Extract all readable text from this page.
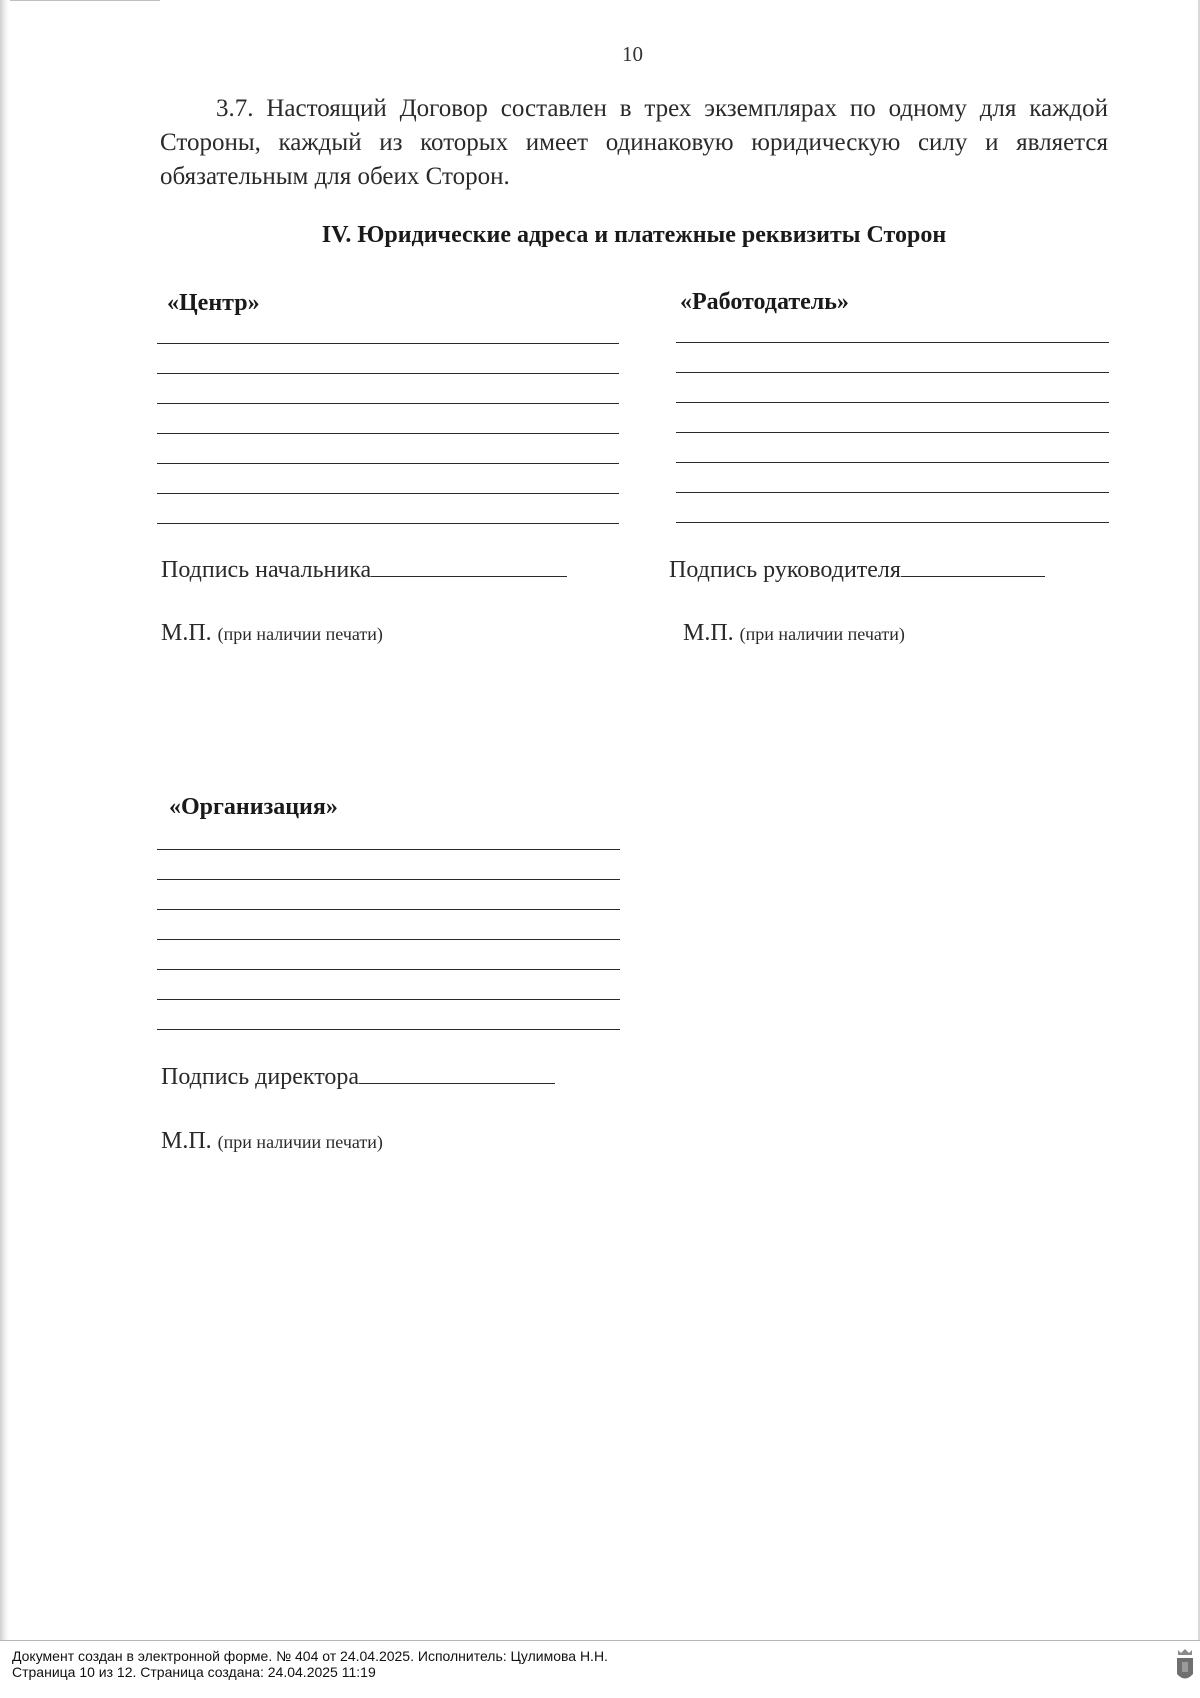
10
3.7. Настоящий Договор составлен в трех экземплярах по одному для каждой Стороны, каждый из которых имеет одинаковую юридическую силу и является обязательным для обеих Сторон.
IV. Юридические адреса и платежные реквизиты Сторон
«Центр»
Подпись начальника
М.П. (при наличии печати)
«Работодатель»
Подпись руководителя
М.П. (при наличии печати)
«Организация»
Подпись директора
М.П. (при наличии печати)
Документ создан в электронной форме. № 404 от 24.04.2025. Исполнитель: Цулимова Н.Н.
Страница 10 из 12. Страница создана: 24.04.2025 11:19
